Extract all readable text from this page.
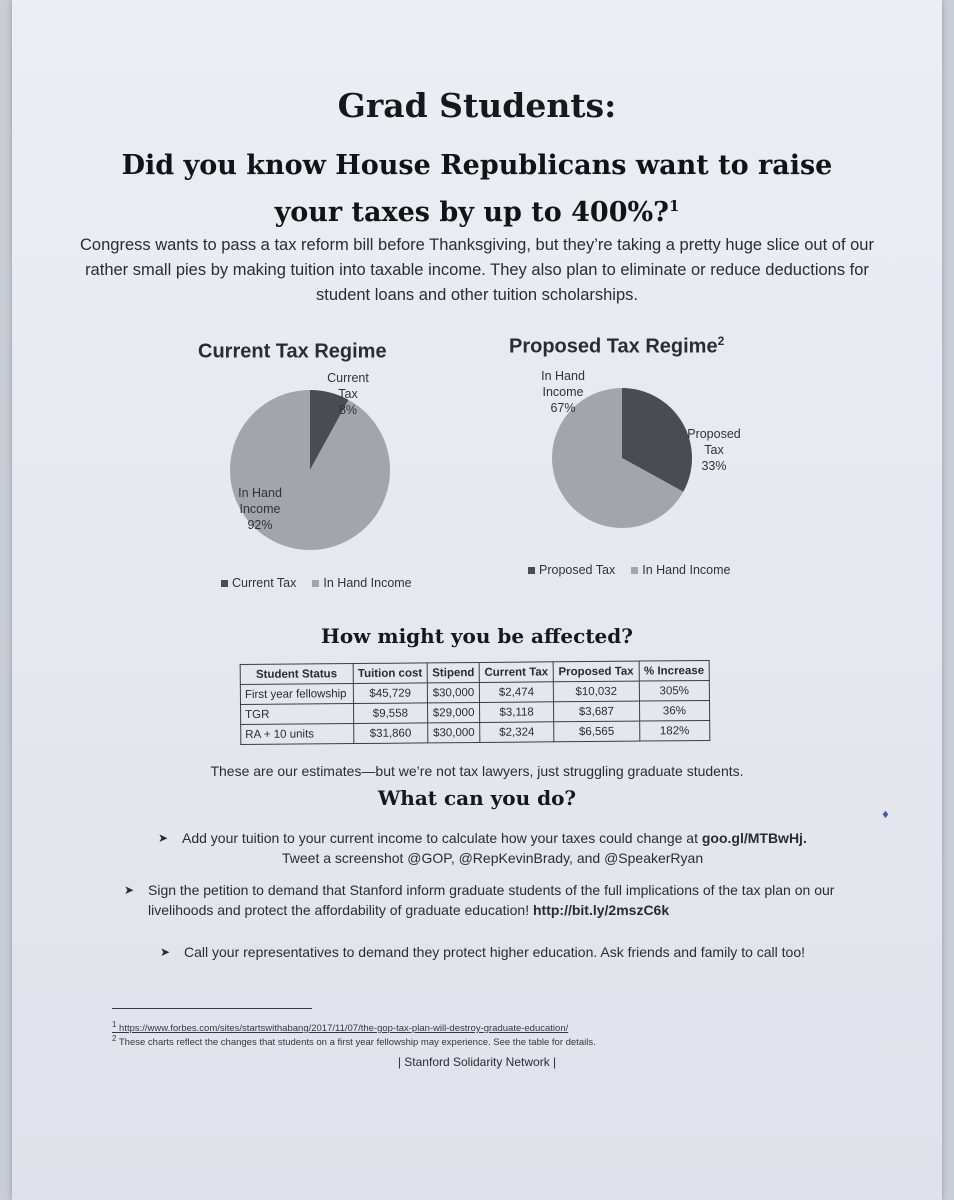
Grad Students:
Did you know House Republicans want to raise
your taxes by up to 400%?$^1$
Congress wants to pass a tax reform bill before Thanksgiving, but they’re taking a pretty huge slice out of our rather small pies by making tuition into taxable income. They also plan to eliminate or reduce deductions for student loans and other tuition scholarships.
Current Tax Regime
Current
Tax
8%
In Hand
Income
92%
Current Tax In Hand Income
Proposed Tax Regime$^2$
In Hand
Income
67%
Proposed
Tax
33%
Proposed Tax In Hand Income
How might you be affected?
Student Status	Tuition cost	Stipend	Current Tax	Proposed Tax	% Increase
First year fellowship	$45,729	$30,000	$2,474	$10,032	305%
TGR	$9,558	$29,000	$3,118	$3,687	36%
RA + 10 units	$31,860	$30,000	$2,324	$6,565	182%
These are our estimates—but we’re not tax lawyers, just struggling graduate students.
What can you do?
➤ Add your tuition to your current income to calculate how your taxes could change at goo.gl/MTBwHj.
Tweet a screenshot @GOP, @RepKevinBrady, and @SpeakerRyan
➤ Sign the petition to demand that Stanford inform graduate students of the full implications of the tax plan on our livelihoods and protect the affordability of graduate education! http://bit.ly/2mszC6k
➤ Call your representatives to demand they protect higher education. Ask friends and family to call too!
$^1$ https://www.forbes.com/sites/startswithabang/2017/11/07/the-gop-tax-plan-will-destroy-graduate-education/
$^2$ These charts reflect the changes that students on a first year fellowship may experience. See the table for details.
| Stanford Solidarity Network |
♦
